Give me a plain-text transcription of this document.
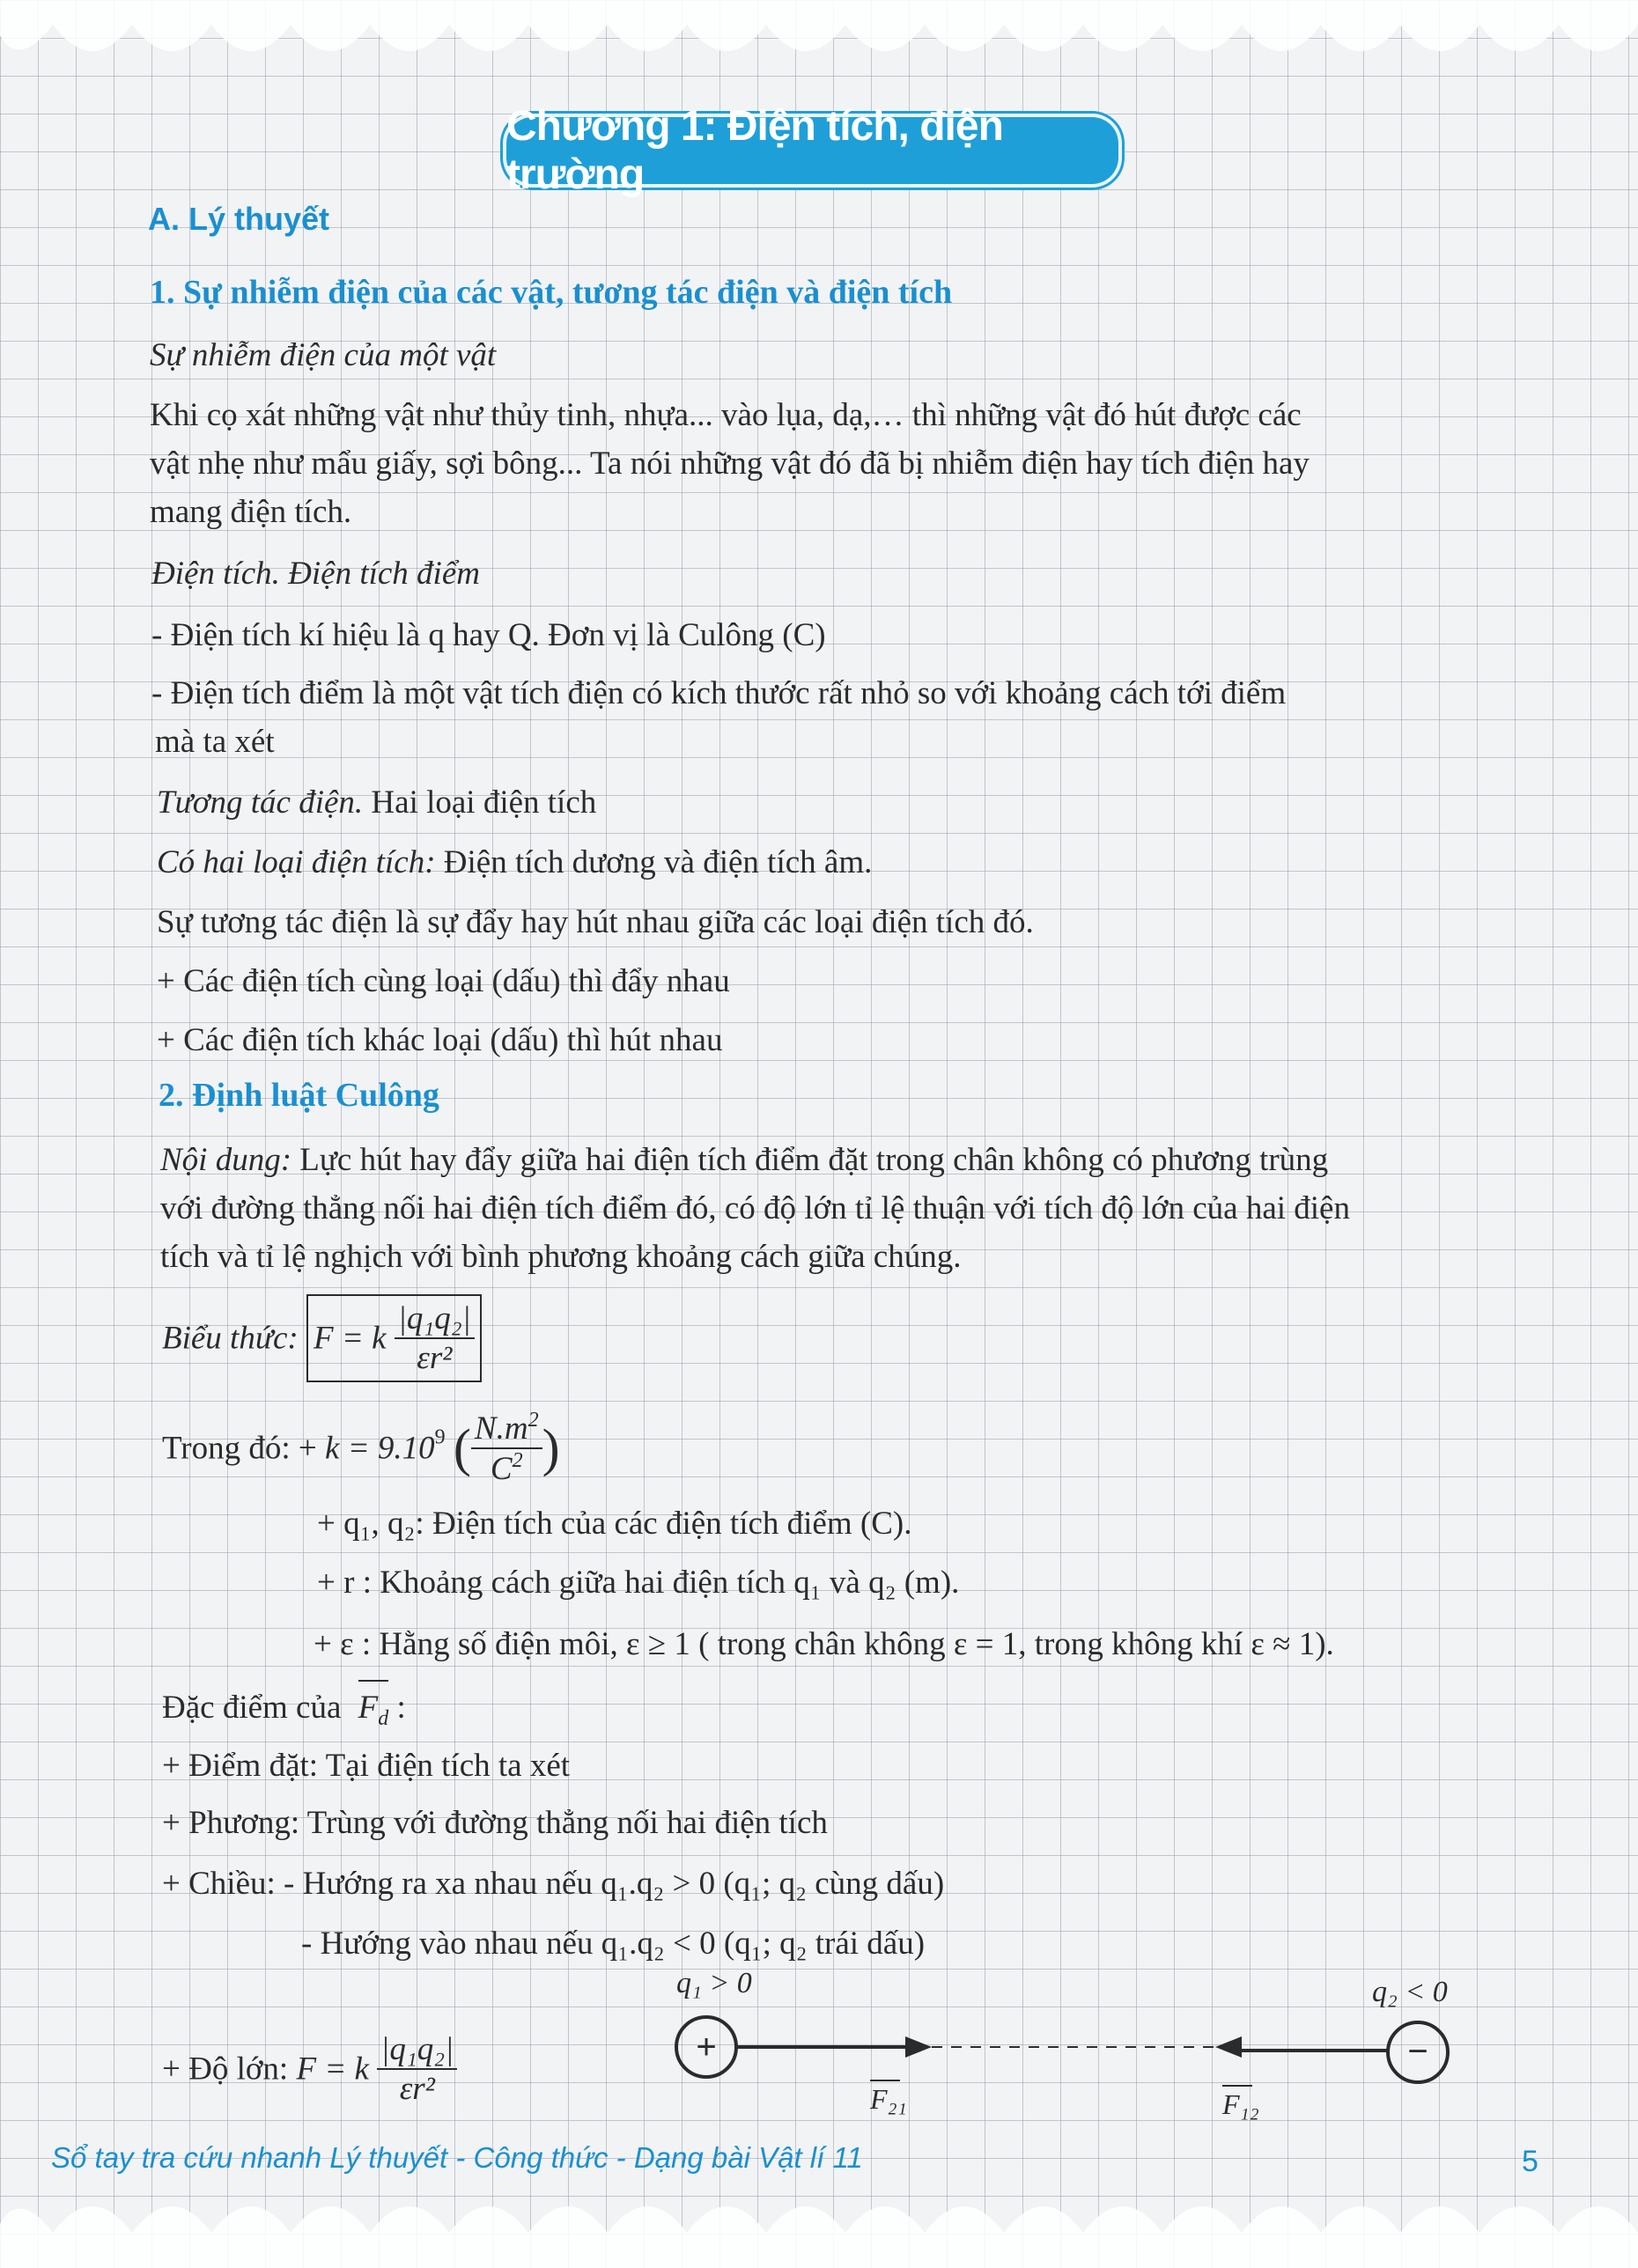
Chương 1: Điện tích, điện trường
A. Lý thuyết
1. Sự nhiễm điện của các vật, tương tác điện và điện tích
Sự nhiễm điện của một vật
Khi cọ xát những vật như thủy tinh, nhựa... vào lụa, dạ,… thì những vật đó hút được các
vật nhẹ như mẩu giấy, sợi bông... Ta nói những vật đó đã bị nhiễm điện hay tích điện hay
mang điện tích.
Điện tích. Điện tích điểm
- Điện tích kí hiệu là q hay Q. Đơn vị là Culông (C)
- Điện tích điểm là một vật tích điện có kích thước rất nhỏ so với khoảng cách tới điểm
mà ta xét
Tương tác điện. Hai loại điện tích
Có hai loại điện tích: Điện tích dương và điện tích âm.
Sự tương tác điện là sự đẩy hay hút nhau giữa các loại điện tích đó.
+ Các điện tích cùng loại (dấu) thì đẩy nhau
+ Các điện tích khác loại (dấu) thì hút nhau
2. Định luật Culông
Nội dung: Lực hút hay đẩy giữa hai điện tích điểm đặt trong chân không có phương trùng
với đường thẳng nối hai điện tích điểm đó, có độ lớn tỉ lệ thuận với tích độ lớn của hai điện
tích và tỉ lệ nghịch với bình phương khoảng cách giữa chúng.
Biểu thức: F = k $\frac{\text{|q₁q₂|}}{\text{εr²}}$
Trong đó: + $k = 9.10^9$ ( $\frac{N.m^2}{C^2}$ )
+ q₁, q₂: Điện tích của các điện tích điểm (C).
+ r : Khoảng cách giữa hai điện tích q₁ và q₂ (m).
+ ε : Hằng số điện môi, ε ≥ 1 ( trong chân không ε = 1, trong không khí ε ≈ 1).
Đặc điểm của $F_d$ :
+ Điểm đặt: Tại điện tích ta xét
+ Phương: Trùng với đường thẳng nối hai điện tích
+ Chiều: - Hướng ra xa nhau nếu q₁.q₂ > 0 (q₁; q₂ cùng dấu)
- Hướng vào nhau nếu q₁.q₂ < 0 (q₁; q₂ trái dấu)
+ Độ lớn: F = k $\frac{\text{|q₁q₂|}}{\text{εr²}}$
q₁ > 0	q₂ < 0
+	−
F₂₁	F₁₂
Sổ tay tra cứu nhanh Lý thuyết - Công thức - Dạng bài Vật lí 11	5
